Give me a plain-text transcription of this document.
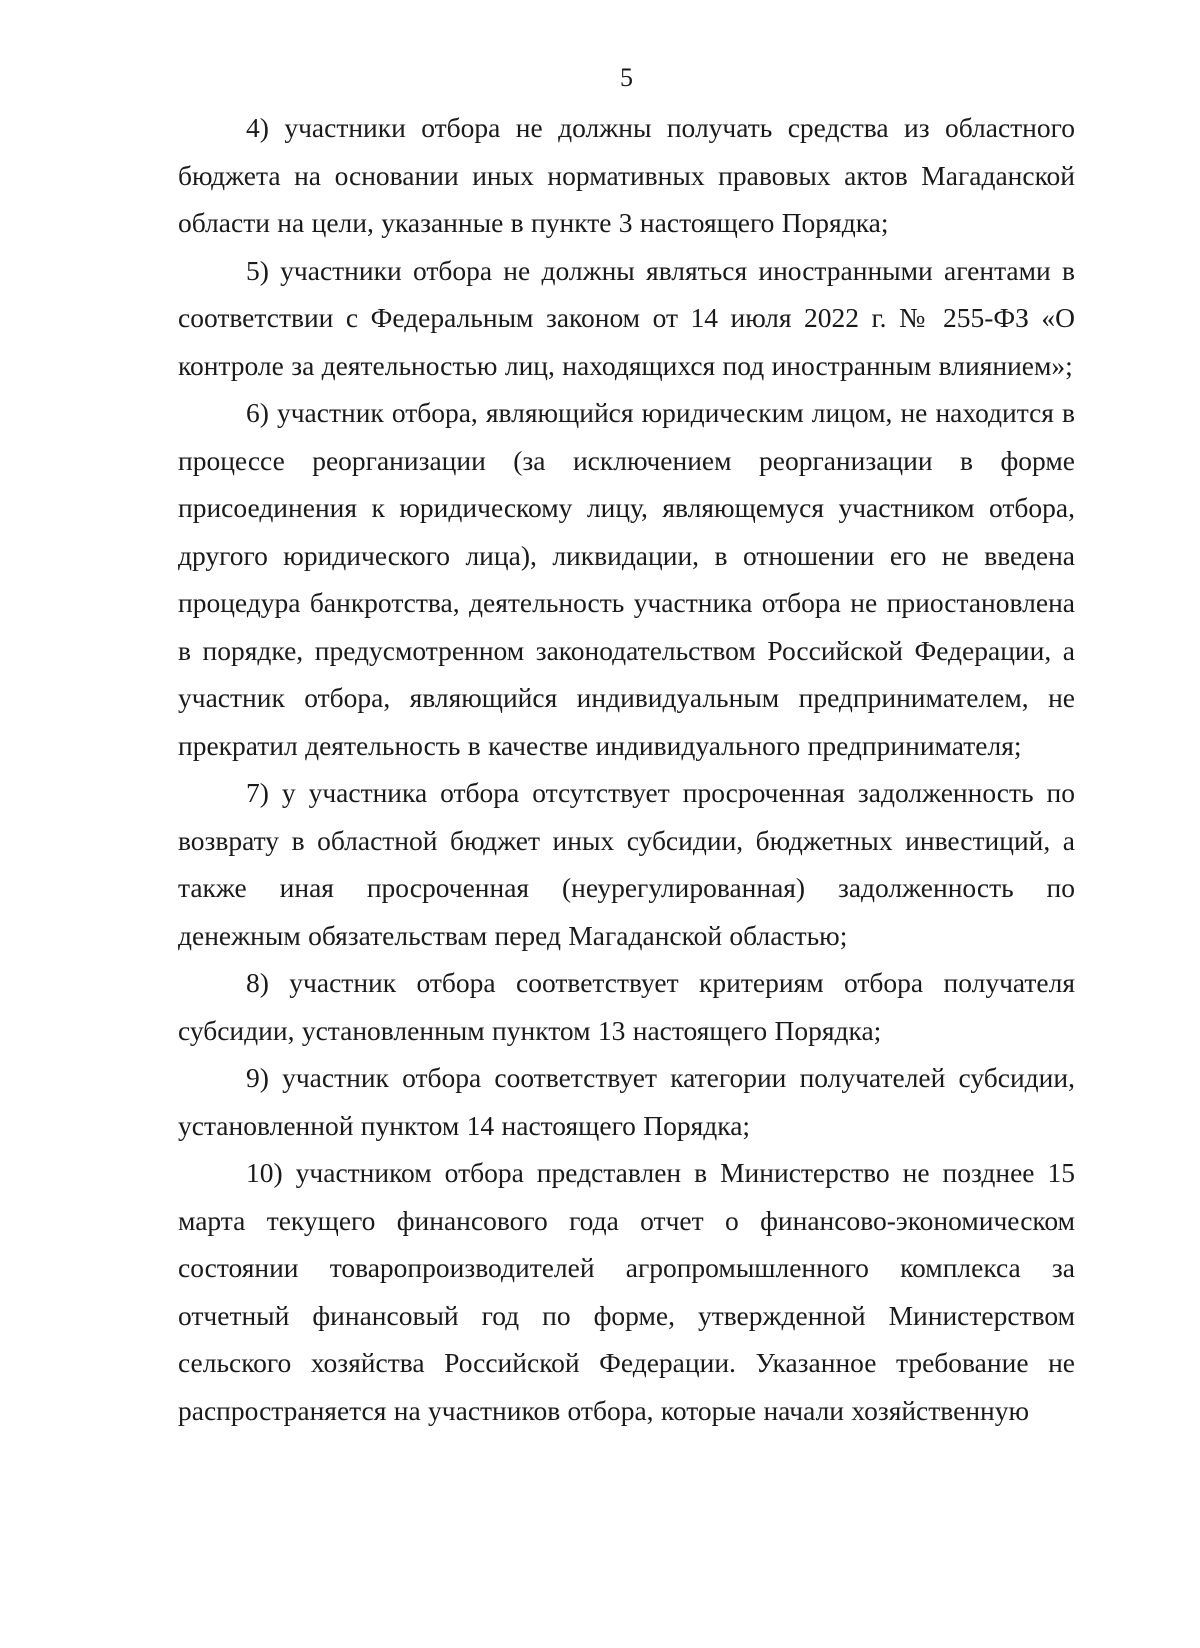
5

4) участники отбора не должны получать средства из областного бюджета на основании иных нормативных правовых актов Магаданской области на цели, указанные в пункте 3 настоящего Порядка;

5) участники отбора не должны являться иностранными агентами в соответствии с Федеральным законом от 14 июля 2022 г. № 255-ФЗ «О контроле за деятельностью лиц, находящихся под иностранным влиянием»;

6) участник отбора, являющийся юридическим лицом, не находится в процессе реорганизации (за исключением реорганизации в форме присоединения к юридическому лицу, являющемуся участником отбора, другого юридического лица), ликвидации, в отношении его не введена процедура банкротства, деятельность участника отбора не приостановлена в порядке, предусмотренном законодательством Российской Федерации, а участник отбора, являющийся индивидуальным предпринимателем, не прекратил деятельность в качестве индивидуального предпринимателя;

7) у участника отбора отсутствует просроченная задолженность по возврату в областной бюджет иных субсидии, бюджетных инвестиций, а также иная просроченная (неурегулированная) задолженность по денежным обязательствам перед Магаданской областью;

8) участник отбора соответствует критериям отбора получателя субсидии, установленным пунктом 13 настоящего Порядка;

9) участник отбора соответствует категории получателей субсидии, установленной пунктом 14 настоящего Порядка;

10) участником отбора представлен в Министерство не позднее 15 марта текущего финансового года отчет о финансово-экономическом состоянии товаропроизводителей агропромышленного комплекса за отчетный финансовый год по форме, утвержденной Министерством сельского хозяйства Российской Федерации. Указанное требование не распространяется на участников отбора, которые начали хозяйственную
